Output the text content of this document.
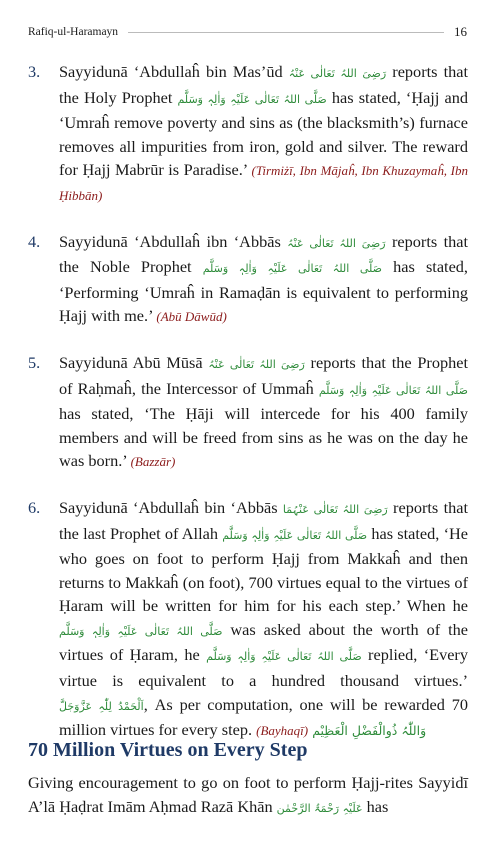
Rafiq-ul-Haramayn	16
3.	Sayyidunā ‘Abdullaĥ bin Mas’ūd رَضِیَ اللہُ تَعَالٰی عَنْہُ reports that the Holy Prophet صَلَّی اللہُ تَعَالٰی عَلَیْہِ وَاٰلِہٖ وَسَلَّم has stated, ‘Ḥajj and ‘Umraĥ remove poverty and sins as (the blacksmith’s) furnace removes all impurities from iron, gold and silver. The reward for Ḥajj Mabrūr is Paradise.’ (Tirmiżī, Ibn Mājaĥ, Ibn Khuzaymaĥ, Ibn Ḥibbān)
4.	Sayyidunā ‘Abdullaĥ ibn ‘Abbās رَضِیَ اللہُ تَعَالٰی عَنْہُ reports that the Noble Prophet صَلَّی اللہُ تَعَالٰی عَلَیْہِ وَاٰلِہٖ وَسَلَّم has stated, ‘Performing ‘Umraĥ in Ramaḍān is equivalent to performing Ḥajj with me.’ (Abū Dāwūd)
5.	Sayyidunā Abū Mūsā رَضِیَ اللہُ تَعَالٰی عَنْہُ reports that the Prophet of Raḥmaĥ, the Intercessor of Ummaĥ صَلَّی اللہُ تَعَالٰی عَلَیْہِ وَاٰلِہٖ وَسَلَّم has stated, ‘The Ḥāji will intercede for his 400 family members and will be freed from sins as he was on the day he was born.’ (Bazzār)
6.	Sayyidunā ‘Abdullaĥ bin ‘Abbās رَضِیَ اللہُ تَعَالٰی عَنْہُمَا reports that the last Prophet of Allah صَلَّی اللہُ تَعَالٰی عَلَیْہِ وَاٰلِہٖ وَسَلَّم has stated, ‘He who goes on foot to perform Ḥajj from Makkaĥ and then returns to Makkaĥ (on foot), 700 virtues equal to the virtues of Ḥaram will be written for him for his each step.’ When he صَلَّی اللہُ تَعَالٰی عَلَیْہِ وَاٰلِہٖ وَسَلَّم was asked about the worth of the virtues of Ḥaram, he صَلَّی اللہُ تَعَالٰی عَلَیْہِ وَاٰلِہٖ وَسَلَّم replied, ‘Every virtue is equivalent to a hundred thousand virtues.’ اَلْحَمْدُ لِلّٰہِ عَزَّوَجَلَّ, As per computation, one will be rewarded 70 million virtues for every step. (Bayhaqī) وَاللّٰہُ ذُوالْفَضْلِ الْعَظِیْم
70 Million Virtues on Every Step
Giving encouragement to go on foot to perform Ḥajj-rites Sayyidī A’lā Ḥaḍrat Imām Aḥmad Razā Khān عَلَیْہِ رَحْمَۃُ الرَّحْمٰن has
